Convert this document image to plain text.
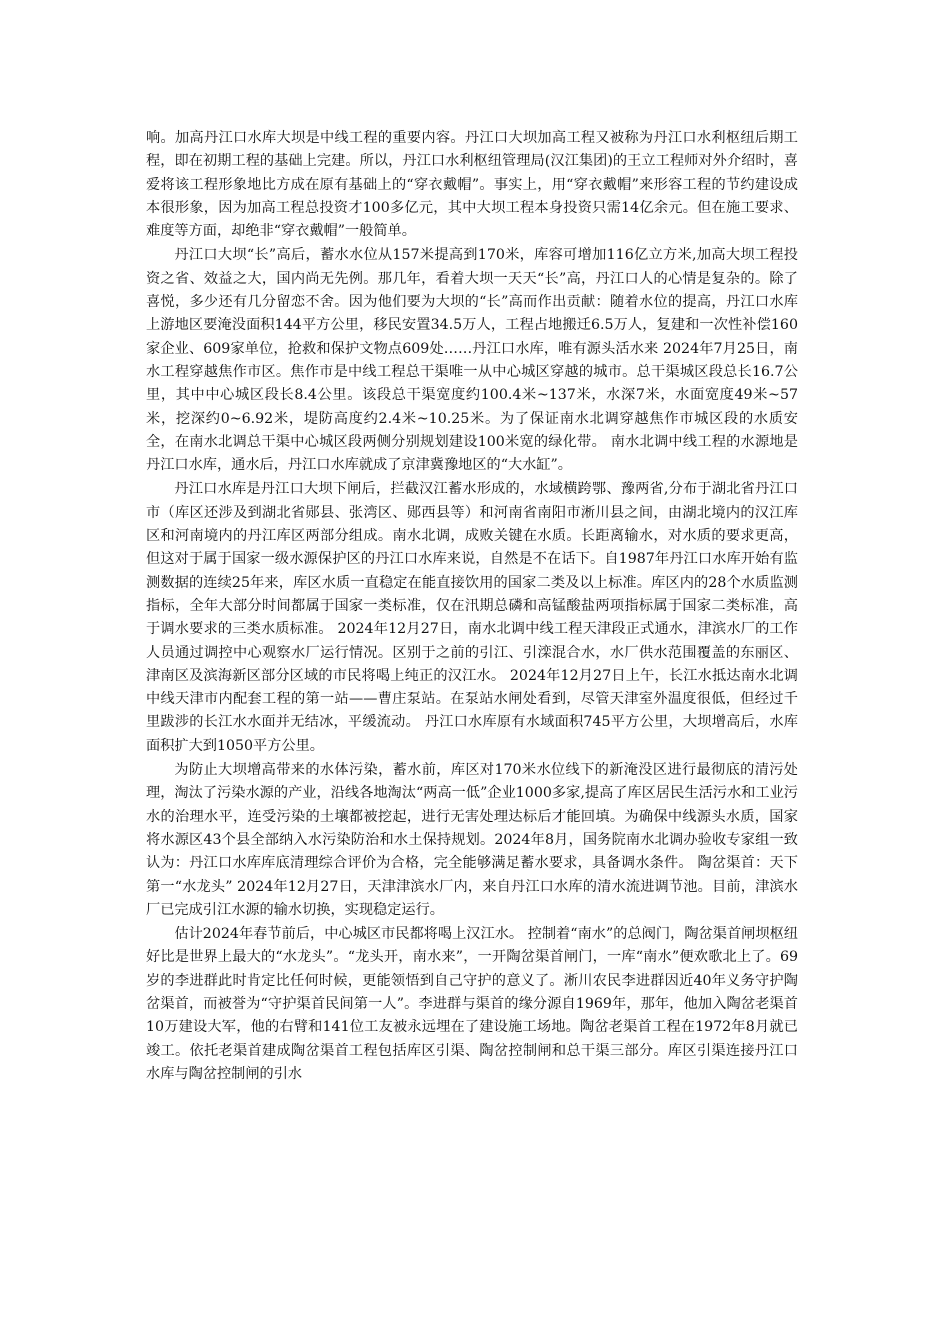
响。加高丹江口水库大坝是中线工程的重要内容。丹江口大坝加高工程又被称为丹江口水利枢纽后期工程，即在初期工程的基础上完建。所以，丹江口水利枢纽管理局(汉江集团)的王立工程师对外介绍时，喜爱将该工程形象地比方成在原有基础上的“穿衣戴帽”。事实上，用“穿衣戴帽”来形容工程的节约建设成本很形象，因为加高工程总投资才100多亿元，其中大坝工程本身投资只需14亿余元。但在施工要求、难度等方面，却绝非“穿衣戴帽”一般简单。

丹江口大坝“长”高后，蓄水水位从157米提高到170米，库容可增加116亿立方米,加高大坝工程投资之省、效益之大，国内尚无先例。那几年，看着大坝一天天“长”高，丹江口人的心情是复杂的。除了喜悦，多少还有几分留恋不舍。因为他们要为大坝的“长”高而作出贡献：随着水位的提高，丹江口水库上游地区要淹没面积144平方公里，移民安置34.5万人，工程占地搬迁6.5万人，复建和一次性补偿160家企业、609家单位，抢救和保护文物点609处……丹江口水库，唯有源头活水来 2024年7月25日，南水工程穿越焦作市区。焦作市是中线工程总干渠唯一从中心城区穿越的城市。总干渠城区段总长16.7公里，其中中心城区段长8.4公里。该段总干渠宽度约100.4米~137米，水深7米，水面宽度49米~57米，挖深约0~6.92米，堤防高度约2.4米~10.25米。为了保证南水北调穿越焦作市城区段的水质安全，在南水北调总干渠中心城区段两侧分别规划建设100米宽的绿化带。 南水北调中线工程的水源地是丹江口水库，通水后，丹江口水库就成了京津冀豫地区的“大水缸”。

丹江口水库是丹江口大坝下闸后，拦截汉江蓄水形成的，水域横跨鄂、豫两省,分布于湖北省丹江口市（库区还涉及到湖北省郧县、张湾区、郧西县等）和河南省南阳市淅川县之间，由湖北境内的汉江库区和河南境内的丹江库区两部分组成。南水北调，成败关键在水质。长距离输水，对水质的要求更高，但这对于属于国家一级水源保护区的丹江口水库来说，自然是不在话下。自1987年丹江口水库开始有监测数据的连续25年来，库区水质一直稳定在能直接饮用的国家二类及以上标准。库区内的28个水质监测指标，全年大部分时间都属于国家一类标准，仅在汛期总磷和高锰酸盐两项指标属于国家二类标准，高于调水要求的三类水质标准。 2024年12月27日，南水北调中线工程天津段正式通水，津滨水厂的工作人员通过调控中心观察水厂运行情况。区别于之前的引江、引滦混合水，水厂供水范围覆盖的东丽区、津南区及滨海新区部分区域的市民将喝上纯正的汉江水。 2024年12月27日上午，长江水抵达南水北调中线天津市内配套工程的第一站——曹庄泵站。在泵站水闸处看到，尽管天津室外温度很低，但经过千里跋涉的长江水水面并无结冰，平缓流动。 丹江口水库原有水域面积745平方公里，大坝增高后，水库面积扩大到1050平方公里。

为防止大坝增高带来的水体污染，蓄水前，库区对170米水位线下的新淹没区进行最彻底的清污处理，淘汰了污染水源的产业，沿线各地淘汰“两高一低”企业1000多家,提高了库区居民生活污水和工业污水的治理水平，连受污染的土壤都被挖起，进行无害处理达标后才能回填。为确保中线源头水质，国家将水源区43个县全部纳入水污染防治和水土保持规划。2024年8月，国务院南水北调办验收专家组一致认为：丹江口水库库底清理综合评价为合格，完全能够满足蓄水要求，具备调水条件。 陶岔渠首：天下第一“水龙头” 2024年12月27日，天津津滨水厂内，来自丹江口水库的清水流进调节池。目前，津滨水厂已完成引江水源的输水切换，实现稳定运行。

估计2024年春节前后，中心城区市民都将喝上汉江水。 控制着“南水”的总阀门，陶岔渠首闸坝枢纽好比是世界上最大的“水龙头”。“龙头开，南水来”，一开陶岔渠首闸门，一库“南水”便欢歌北上了。69岁的李进群此时肯定比任何时候，更能领悟到自己守护的意义了。淅川农民李进群因近40年义务守护陶岔渠首，而被誉为“守护渠首民间第一人”。李进群与渠首的缘分源自1969年，那年，他加入陶岔老渠首10万建设大军，他的右臂和141位工友被永远埋在了建设施工场地。陶岔老渠首工程在1972年8月就已竣工。依托老渠首建成陶岔渠首工程包括库区引渠、陶岔控制闸和总干渠三部分。库区引渠连接丹江口水库与陶岔控制闸的引水
